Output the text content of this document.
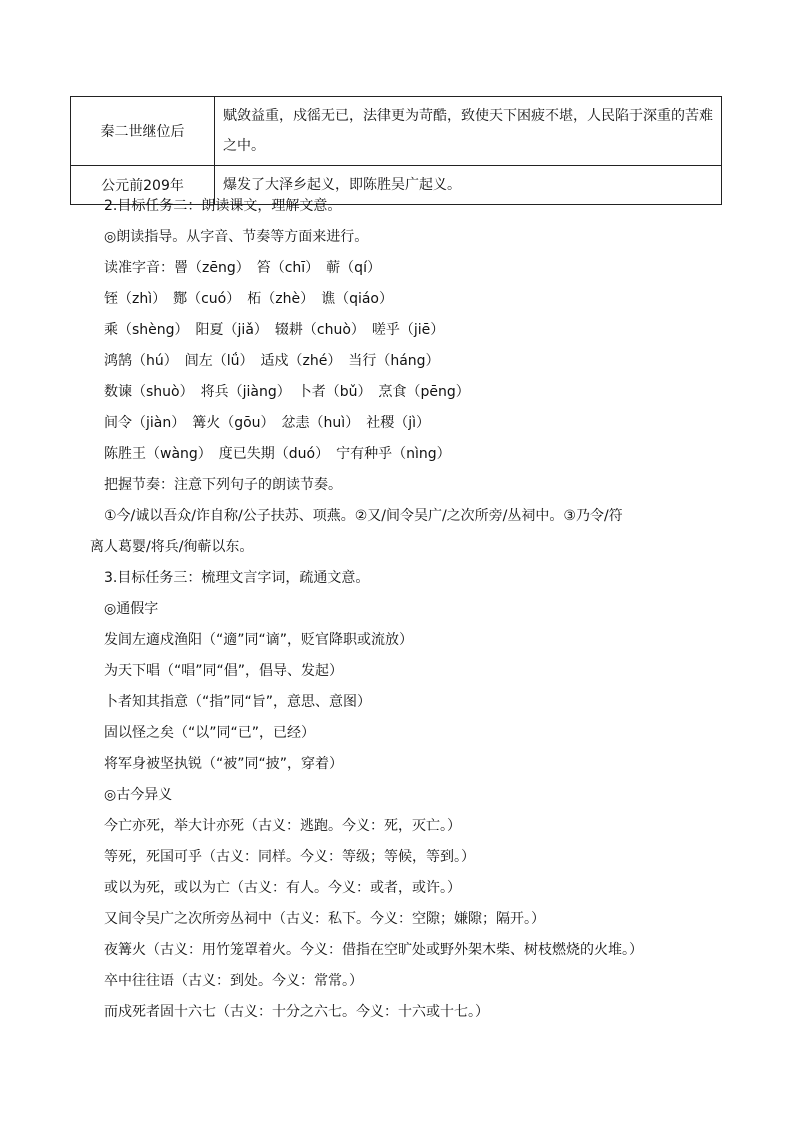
秦二世继位后	赋敛益重，戍徭无已，法律更为苛酷，致使天下困疲不堪，人民陷于深重的苦难之中。
公元前209年	爆发了大泽乡起义，即陈胜吴广起义。
2.目标任务二：朗读课文，理解文意。
◎朗读指导。从字音、节奏等方面来进行。
读准字音：罾（zēng）　笞（chī）　蕲（qí）
铚（zhì）　酂（cuó）　柘（zhè）　谯（qiáo）
乘（shèng）　阳夏（jiǎ）　辍耕（chuò）　嗟乎（jiē）
鸿鹄（hú）　闾左（lǘ）　适戍（zhé）　当行（háng）
数谏（shuò）　将兵（jiàng）　卜者（bǔ）　烹食（pēng）
间令（jiàn）　篝火（gōu）　忿恚（huì）　社稷（jì）
陈胜王（wàng）　度已失期（duó）　宁有种乎（nìng）
把握节奏：注意下列句子的朗读节奏。
①今/诚以吾众/诈自称/公子扶苏、项燕。②又/间令吴广/之次所旁/丛祠中。③乃令/符
离人葛婴/将兵/徇蕲以东。
3.目标任务三：梳理文言字词，疏通文意。
◎通假字
发闾左適戍渔阳（“適”同“谪”，贬官降职或流放）
为天下唱（“唱”同“倡”，倡导、发起）
卜者知其指意（“指”同“旨”，意思、意图）
固以怪之矣（“以”同“已”，已经）
将军身被坚执锐（“被”同“披”，穿着）
◎古今异义
今亡亦死，举大计亦死（古义：逃跑。今义：死，灭亡。）
等死，死国可乎（古义：同样。今义：等级；等候，等到。）
或以为死，或以为亡（古义：有人。今义：或者，或许。）
又间令吴广之次所旁丛祠中（古义：私下。今义：空隙；嫌隙；隔开。）
夜篝火（古义：用竹笼罩着火。今义：借指在空旷处或野外架木柴、树枝燃烧的火堆。）
卒中往往语（古义：到处。今义：常常。）
而戍死者固十六七（古义：十分之六七。今义：十六或十七。）
